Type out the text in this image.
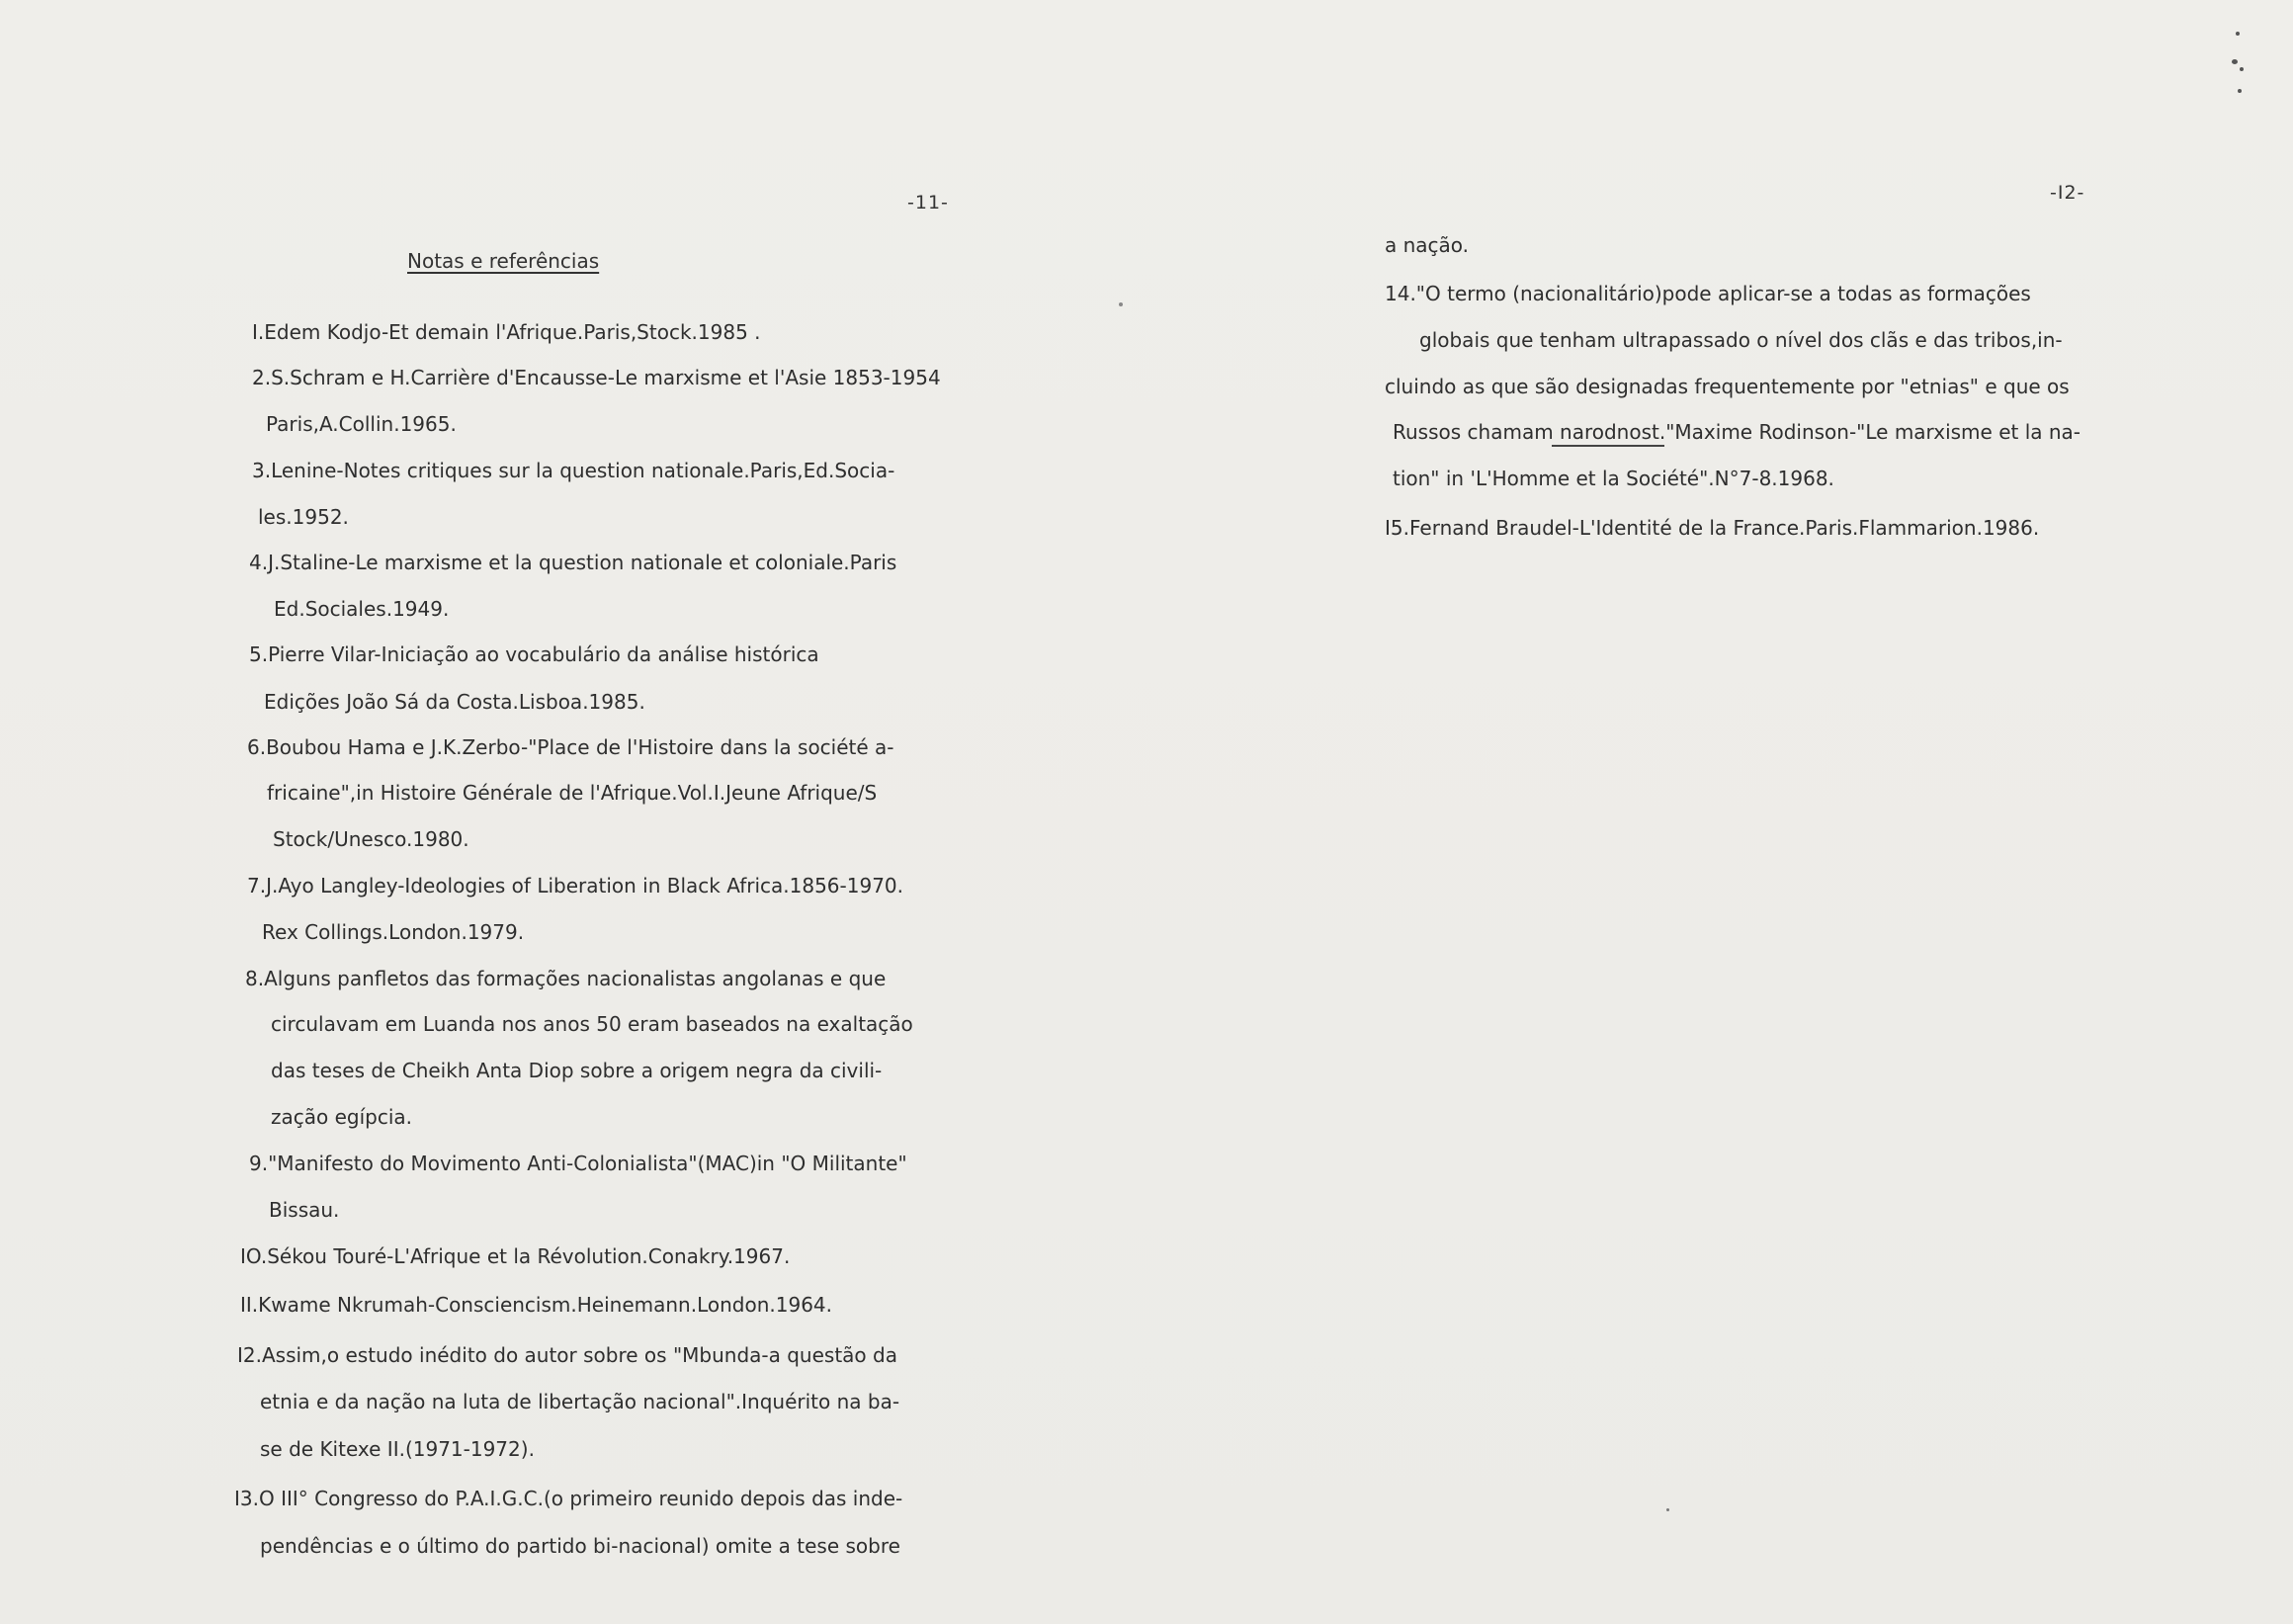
-11-
Notas e referências
I.Edem Kodjo-Et demain l'Afrique.Paris,Stock.1985 .
2.S.Schram e H.Carrière d'Encausse-Le marxisme et l'Asie 1853-1954
Paris,A.Collin.1965.
3.Lenine-Notes critiques sur la question nationale.Paris,Ed.Socia-
les.1952.
4.J.Staline-Le marxisme et la question nationale et coloniale.Paris
Ed.Sociales.1949.
5.Pierre Vilar-Iniciação ao vocabulário da análise histórica
Edições João Sá da Costa.Lisboa.1985.
6.Boubou Hama e J.K.Zerbo-"Place de l'Histoire dans la société a-
fricaine",in Histoire Générale de l'Afrique.Vol.I.Jeune Afrique/S
Stock/Unesco.1980.
7.J.Ayo Langley-Ideologies of Liberation in Black Africa.1856-1970.
Rex Collings.London.1979.
8.Alguns panfletos das formações nacionalistas angolanas e que
circulavam em Luanda nos anos 50 eram baseados na exaltação
das teses de Cheikh Anta Diop sobre a origem negra da civili-
zação egípcia.
9."Manifesto do Movimento Anti-Colonialista"(MAC)in "O Militante"
Bissau.
IO.Sékou Touré-L'Afrique et la Révolution.Conakry.1967.
II.Kwame Nkrumah-Consciencism.Heinemann.London.1964.
I2.Assim,o estudo inédito do autor sobre os "Mbunda-a questão da
etnia e da nação na luta de libertação nacional".Inquérito na ba-
se de Kitexe II.(1971-1972).
I3.O III° Congresso do P.A.I.G.C.(o primeiro reunido depois das inde-
pendências e o último do partido bi-nacional) omite a tese sobre
-I2-
a nação.
14."O termo (nacionalitário)pode aplicar-se a todas as formações
globais que tenham ultrapassado o nível dos clãs e das tribos,in-
cluindo as que são designadas frequentemente por "etnias" e que os
Russos chamam narodnost."Maxime Rodinson-"Le marxisme et la na-
tion" in 'L'Homme et la Société".N°7-8.1968.
I5.Fernand Braudel-L'Identité de la France.Paris.Flammarion.1986.
